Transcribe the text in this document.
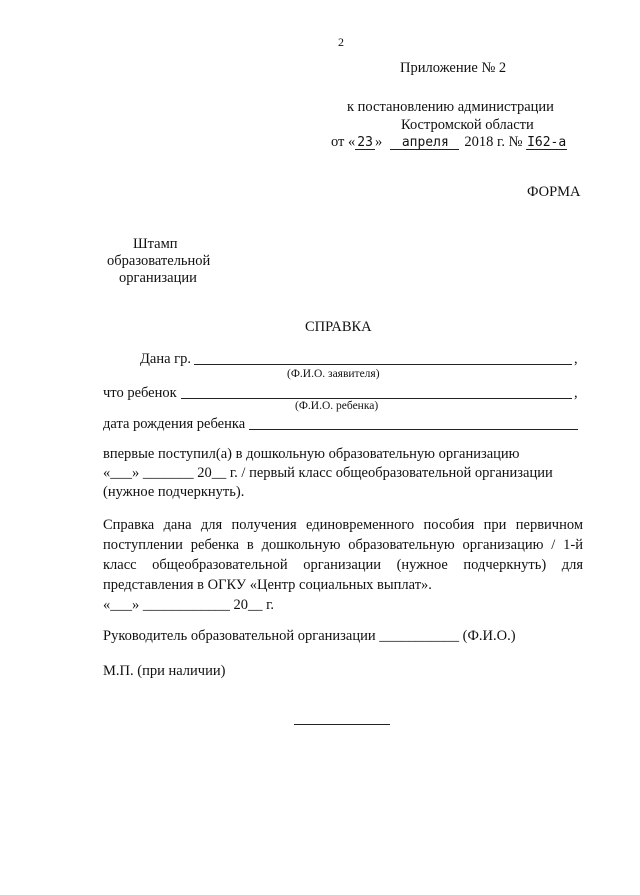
2
Приложение № 2
к постановлению администрации
Костромской области
от « 23 » апреля 2018 г. № I62-а
ФОРМА
Штамп
образовательной
организации
СПРАВКА
Дана гр.	,
(Ф.И.О. заявителя)
что ребенок	,
(Ф.И.О. ребенка)
дата рождения ребенка
впервые поступил(а) в дошкольную образовательную организацию
«___» _______ 20__ г. / первый класс общеобразовательной организации
(нужное подчеркнуть).
Справка дана для получения единовременного пособия при первичном поступлении ребенка в дошкольную образовательную организацию / 1-й класс общеобразовательной организации (нужное подчеркнуть) для представления в ОГКУ «Центр социальных выплат».
«___» ____________ 20__ г.
Руководитель образовательной организации ___________ (Ф.И.О.)
М.П. (при наличии)
